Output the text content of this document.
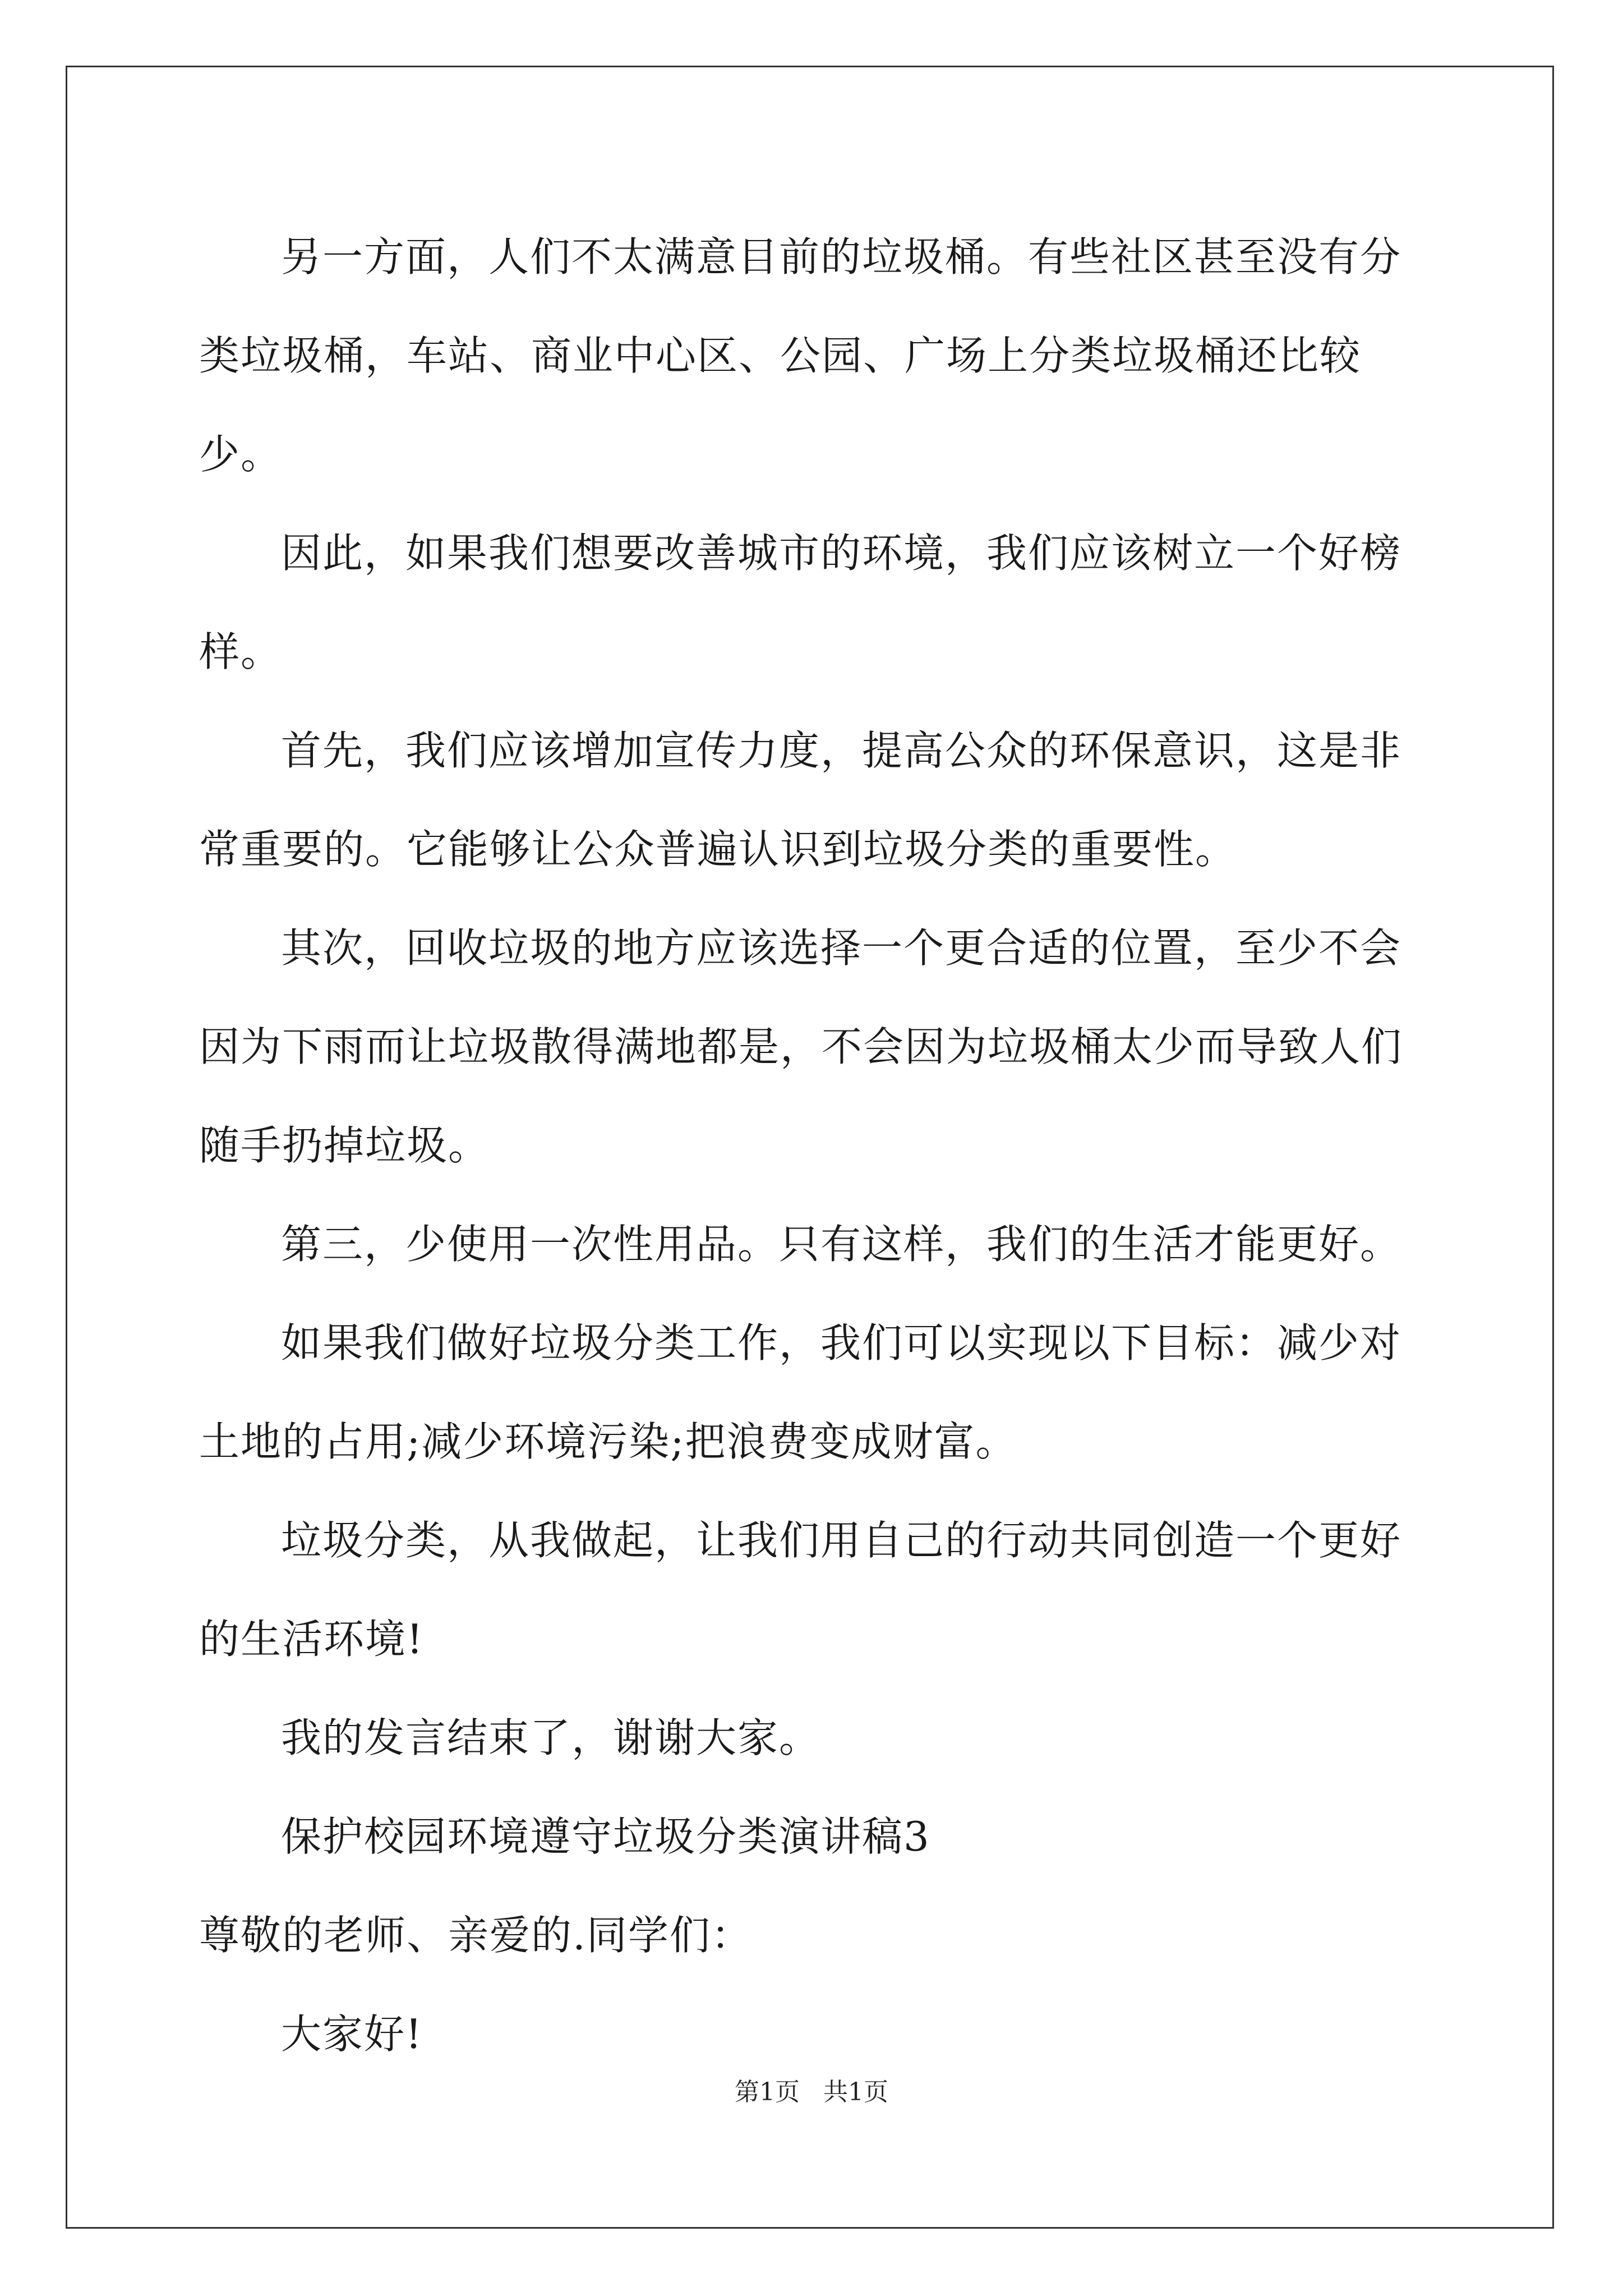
另一方面，人们不太满意目前的垃圾桶。有些社区甚至没有分类垃圾桶，车站、商业中心区、公园、广场上分类垃圾桶还比较少。

因此，如果我们想要改善城市的环境，我们应该树立一个好榜样。

首先，我们应该增加宣传力度，提高公众的环保意识，这是非常重要的。它能够让公众普遍认识到垃圾分类的重要性。

其次，回收垃圾的地方应该选择一个更合适的位置，至少不会因为下雨而让垃圾散得满地都是，不会因为垃圾桶太少而导致人们随手扔掉垃圾。

第三，少使用一次性用品。只有这样，我们的生活才能更好。

如果我们做好垃圾分类工作，我们可以实现以下目标：减少对土地的占用;减少环境污染;把浪费变成财富。

垃圾分类，从我做起，让我们用自己的行动共同创造一个更好的生活环境!

我的发言结束了，谢谢大家。

保护校园环境遵守垃圾分类演讲稿3

尊敬的老师、亲爱的.同学们：

大家好!

第1页 共1页
